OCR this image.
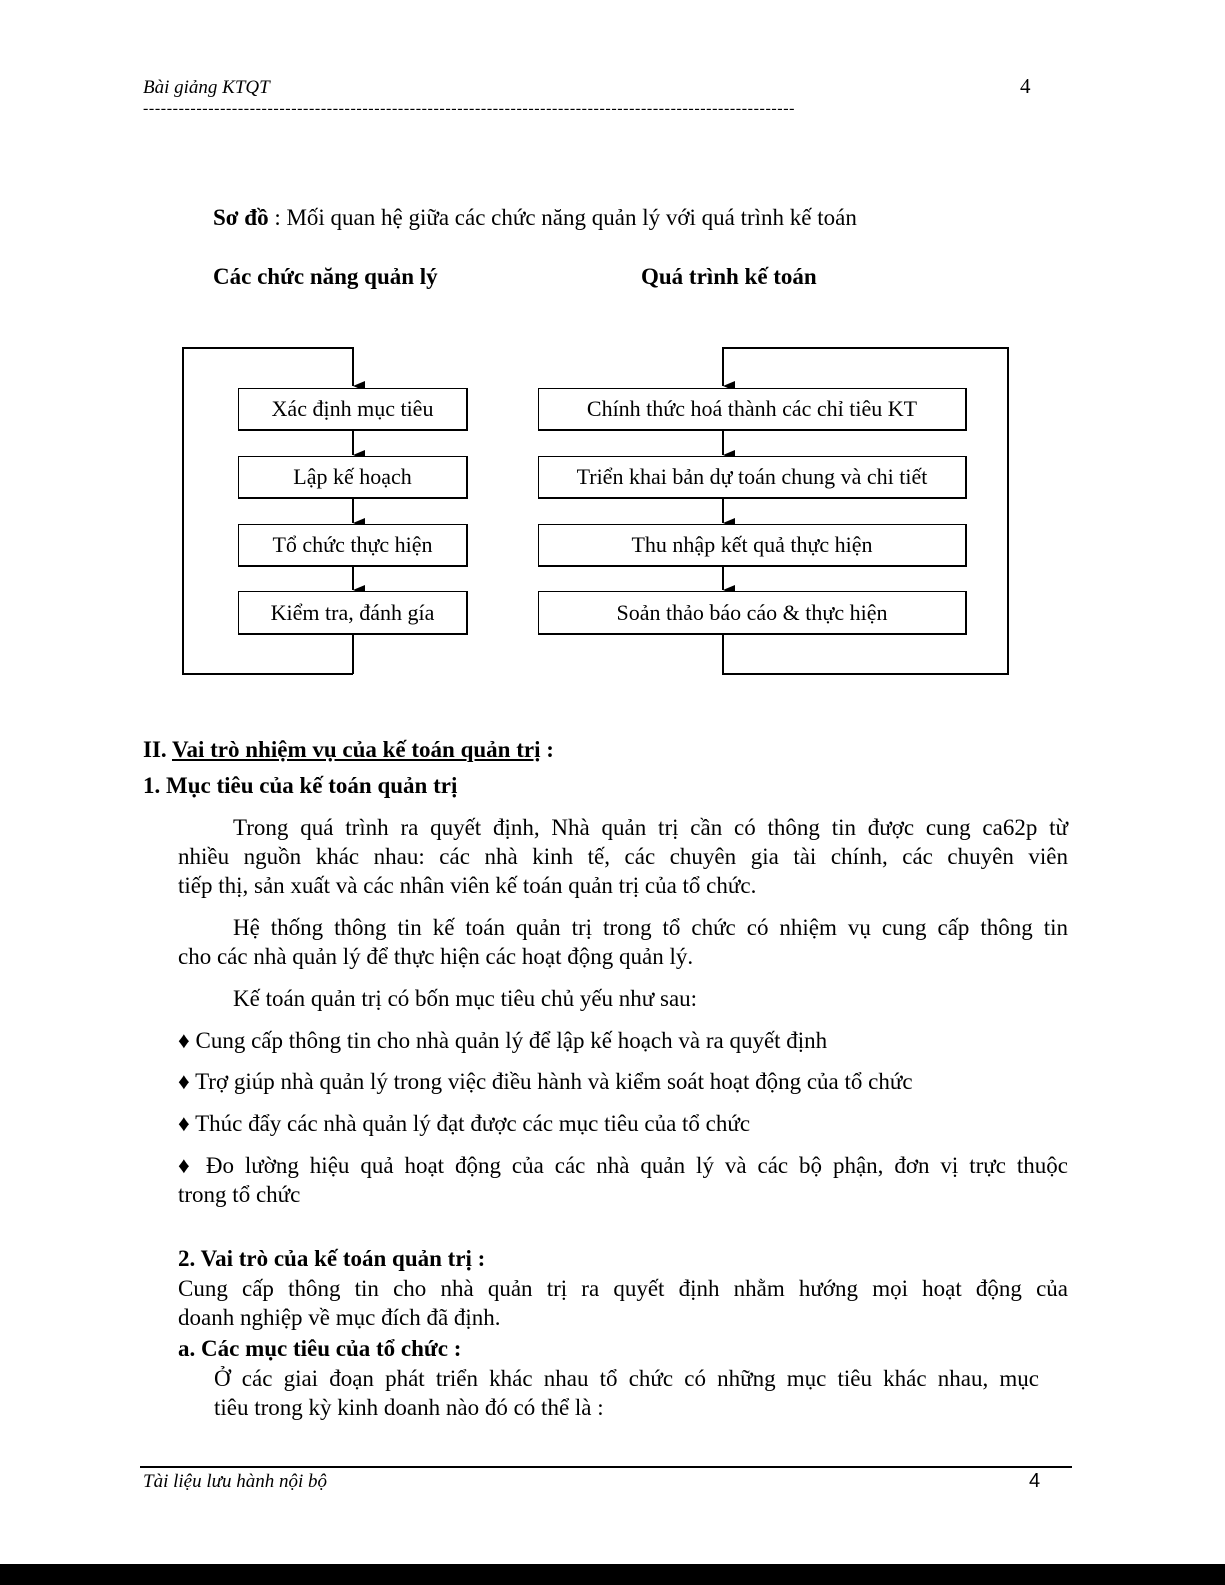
Bài giảng KTQT	4
--------------------------------------------------------------------------------------------------------------
Sơ đồ : Mối quan hệ giữa các chức năng quản lý với quá trình kế toán
Các chức năng quản lý	Quá trình kế toán
Xác định mục tiêu
Lập kế hoạch
Tổ chức thực hiện
Kiểm tra, đánh gía
Chính thức hoá thành các chỉ tiêu KT
Triển khai bản dự toán chung và chi tiết
Thu nhập kết quả thực hiện
Soản thảo báo cáo & thực hiện
II. Vai trò nhiệm vụ của kế toán quản trị :
1. Mục tiêu của kế toán quản trị
Trong quá trình ra quyết định, Nhà quản trị cần có thông tin được cung ca62p từ
nhiều nguồn khác nhau: các nhà kinh tế, các chuyên gia tài chính, các chuyên viên
tiếp thị, sản xuất và các nhân viên kế toán quản trị của tổ chức.
Hệ thống thông tin kế toán quản trị trong tổ chức có nhiệm vụ cung cấp thông tin
cho các nhà quản lý để thực hiện các hoạt động quản lý.
Kế toán quản trị có bốn mục tiêu chủ yếu như sau:
♦ Cung cấp thông tin cho nhà quản lý để lập kế hoạch và ra quyết định
♦ Trợ giúp nhà quản lý trong việc điều hành và kiểm soát hoạt động của tổ chức
♦ Thúc đẩy các nhà quản lý đạt được các mục tiêu của tổ chức
♦ Đo lường hiệu quả hoạt động của các nhà quản lý và các bộ phận, đơn vị trực thuộc
trong tổ chức
2. Vai trò của kế toán quản trị :
Cung cấp thông tin cho nhà quản trị ra quyết định nhằm hướng mọi hoạt động của
doanh nghiệp về mục đích đã định.
a. Các mục tiêu của tổ chức :
Ở các giai đoạn phát triển khác nhau tổ chức có những mục tiêu khác nhau, mục
tiêu trong kỳ kinh doanh nào đó có thể là :
Tài liệu lưu hành nội bộ	4
